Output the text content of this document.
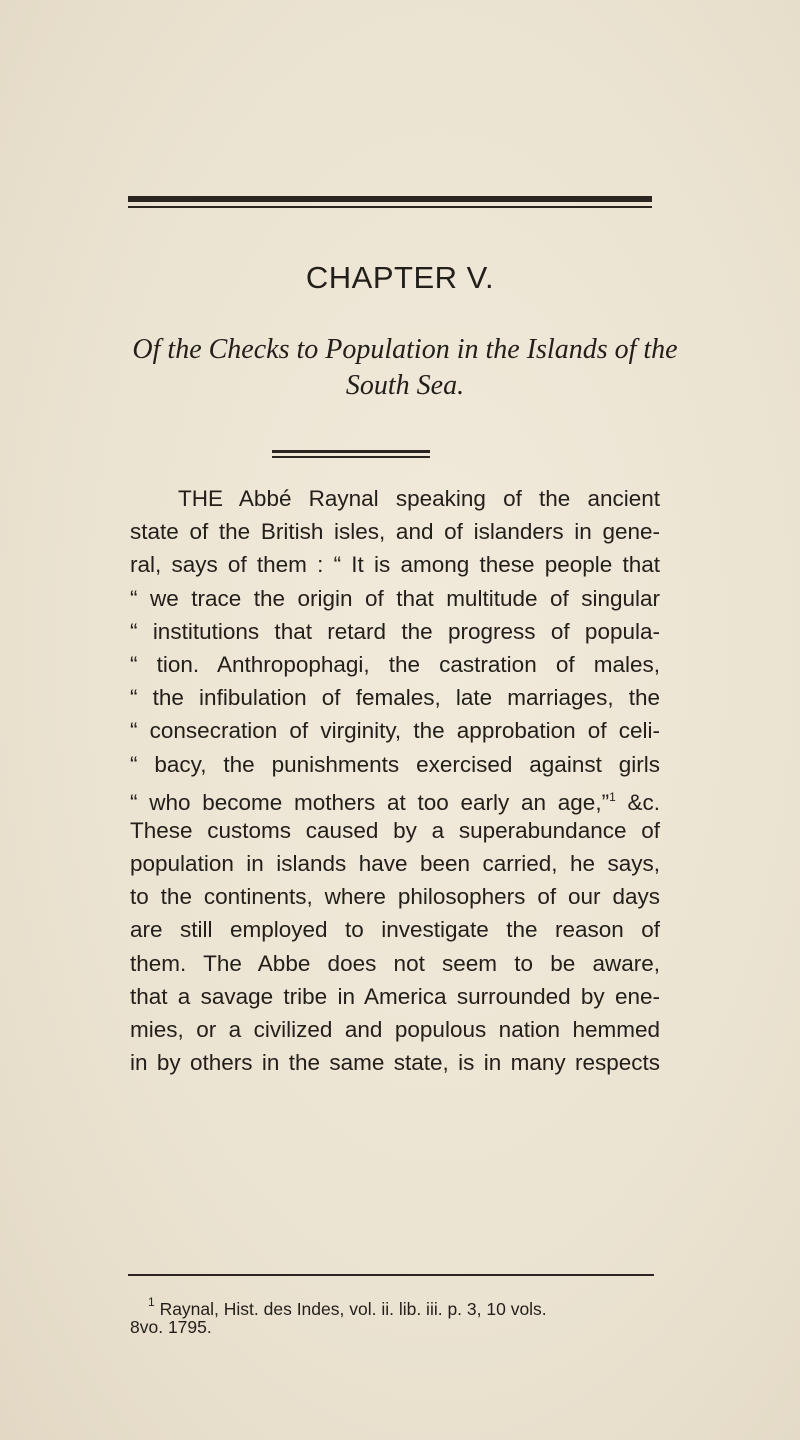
CHAPTER V.
Of the Checks to Population in the Islands of the
South Sea.
THE Abbé Raynal speaking of the ancient
state of the British isles, and of islanders in gene-
ral, says of them : “ It is among these people that
“ we trace the origin of that multitude of singular
“ institutions that retard the progress of popula-
“ tion. Anthropophagi, the castration of males,
“ the infibulation of females, late marriages, the
“ consecration of virginity, the approbation of celi-
“ bacy, the punishments exercised against girls
“ who become mothers at too early an age,”$^1$ &c.
These customs caused by a superabundance of
population in islands have been carried, he says,
to the continents, where philosophers of our days
are still employed to investigate the reason of
them. The Abbe does not seem to be aware,
that a savage tribe in America surrounded by ene-
mies, or a civilized and populous nation hemmed
in by others in the same state, is in many respects
$^1$ Raynal, Hist. des Indes, vol. ii. lib. iii. p. 3, 10 vols.
8vo. 1795.
